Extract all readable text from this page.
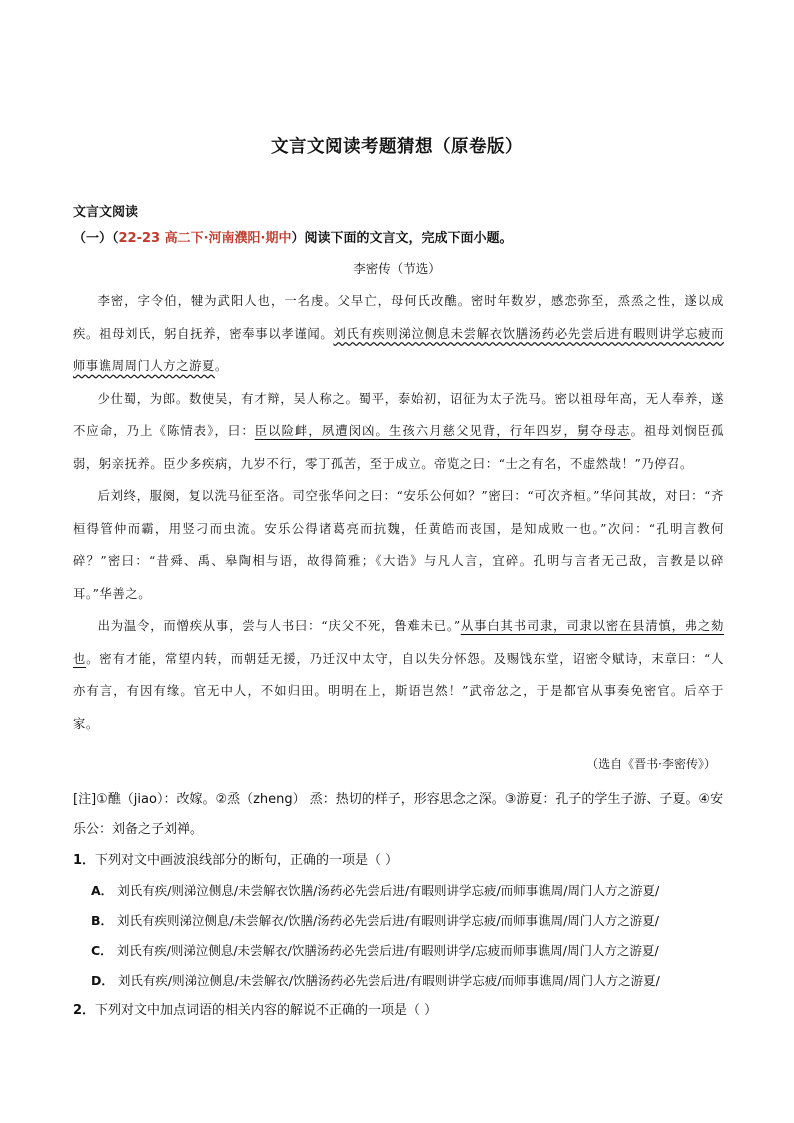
文言文阅读考题猜想（原卷版）
文言文阅读
（一）（22-23 高二下·河南濮阳·期中）阅读下面的文言文，完成下面小题。
李密传（节选）

李密，字令伯，犍为武阳人也，一名虔。父早亡，母何氏改醮。密时年数岁，感恋弥至，烝烝之性，遂以成疾。祖母刘氏，躬自抚养，密奉事以孝谨闻。刘氏有疾则涕泣侧息未尝解衣饮膳汤药必先尝后进有暇则讲学忘疲而师事谯周周门人方之游夏。

少仕蜀，为郎。数使吴，有才辩，吴人称之。蜀平，泰始初，诏征为太子洗马。密以祖母年高，无人奉养，遂不应命，乃上《陈情表》，曰：臣以险衅，夙遭闵凶。生孩六月慈父见背，行年四岁，舅夺母志。祖母刘悯臣孤弱，躬亲抚养。臣少多疾病，九岁不行，零丁孤苦，至于成立。帝览之曰：“士之有名，不虚然哉！”乃停召。

后刘终，服阕，复以洗马征至洛。司空张华问之曰：“安乐公何如？”密曰：“可次齐桓。”华问其故，对曰：“齐桓得管仲而霸，用竖刁而虫流。安乐公得诸葛亮而抗魏，任黄皓而丧国，是知成败一也。”次问：“孔明言教何碎？”密曰：“昔舜、禹、皋陶相与语，故得简雅；《大诰》与凡人言，宜碎。孔明与言者无己敌，言教是以碎耳。”华善之。

出为温令，而憎疾从事，尝与人书曰：“庆父不死，鲁难未已。”从事白其书司隶，司隶以密在县清慎，弗之劾也。密有才能，常望内转，而朝廷无援，乃迁汉中太守，自以失分怀怨。及赐饯东堂，诏密令赋诗，末章曰：“人亦有言，有因有缘。官无中人，不如归田。明明在上，斯语岂然！”武帝忿之，于是都官从事奏免密官。后卒于家。

（选自《晋书·李密传》）
[注]①醮（jiao）：改嫁。②烝（zheng） 烝：热切的样子，形容思念之深。③游夏：孔子的学生子游、子夏。④安乐公：刘备之子刘禅。
1．下列对文中画波浪线部分的断句，正确的一项是（ ）
A． 刘氏有疾/则涕泣侧息/未尝解衣饮膳/汤药必先尝后进/有暇则讲学忘疲/而师事谯周/周门人方之游夏/
B． 刘氏有疾则涕泣侧息/未尝解衣/饮膳/汤药必先尝后进/有暇则讲学忘疲/而师事谯周/周门人方之游夏/
C． 刘氏有疾/则涕泣侧息/未尝解衣/饮膳汤药必先尝后进/有暇则讲学/忘疲而师事谯周/周门人方之游夏/
D． 刘氏有疾/则涕泣侧息/未尝解衣/饮膳汤药必先尝后进/有暇则讲学忘疲/而师事谯周/周门人方之游夏/
2．下列对文中加点词语的相关内容的解说不正确的一项是（ ）
